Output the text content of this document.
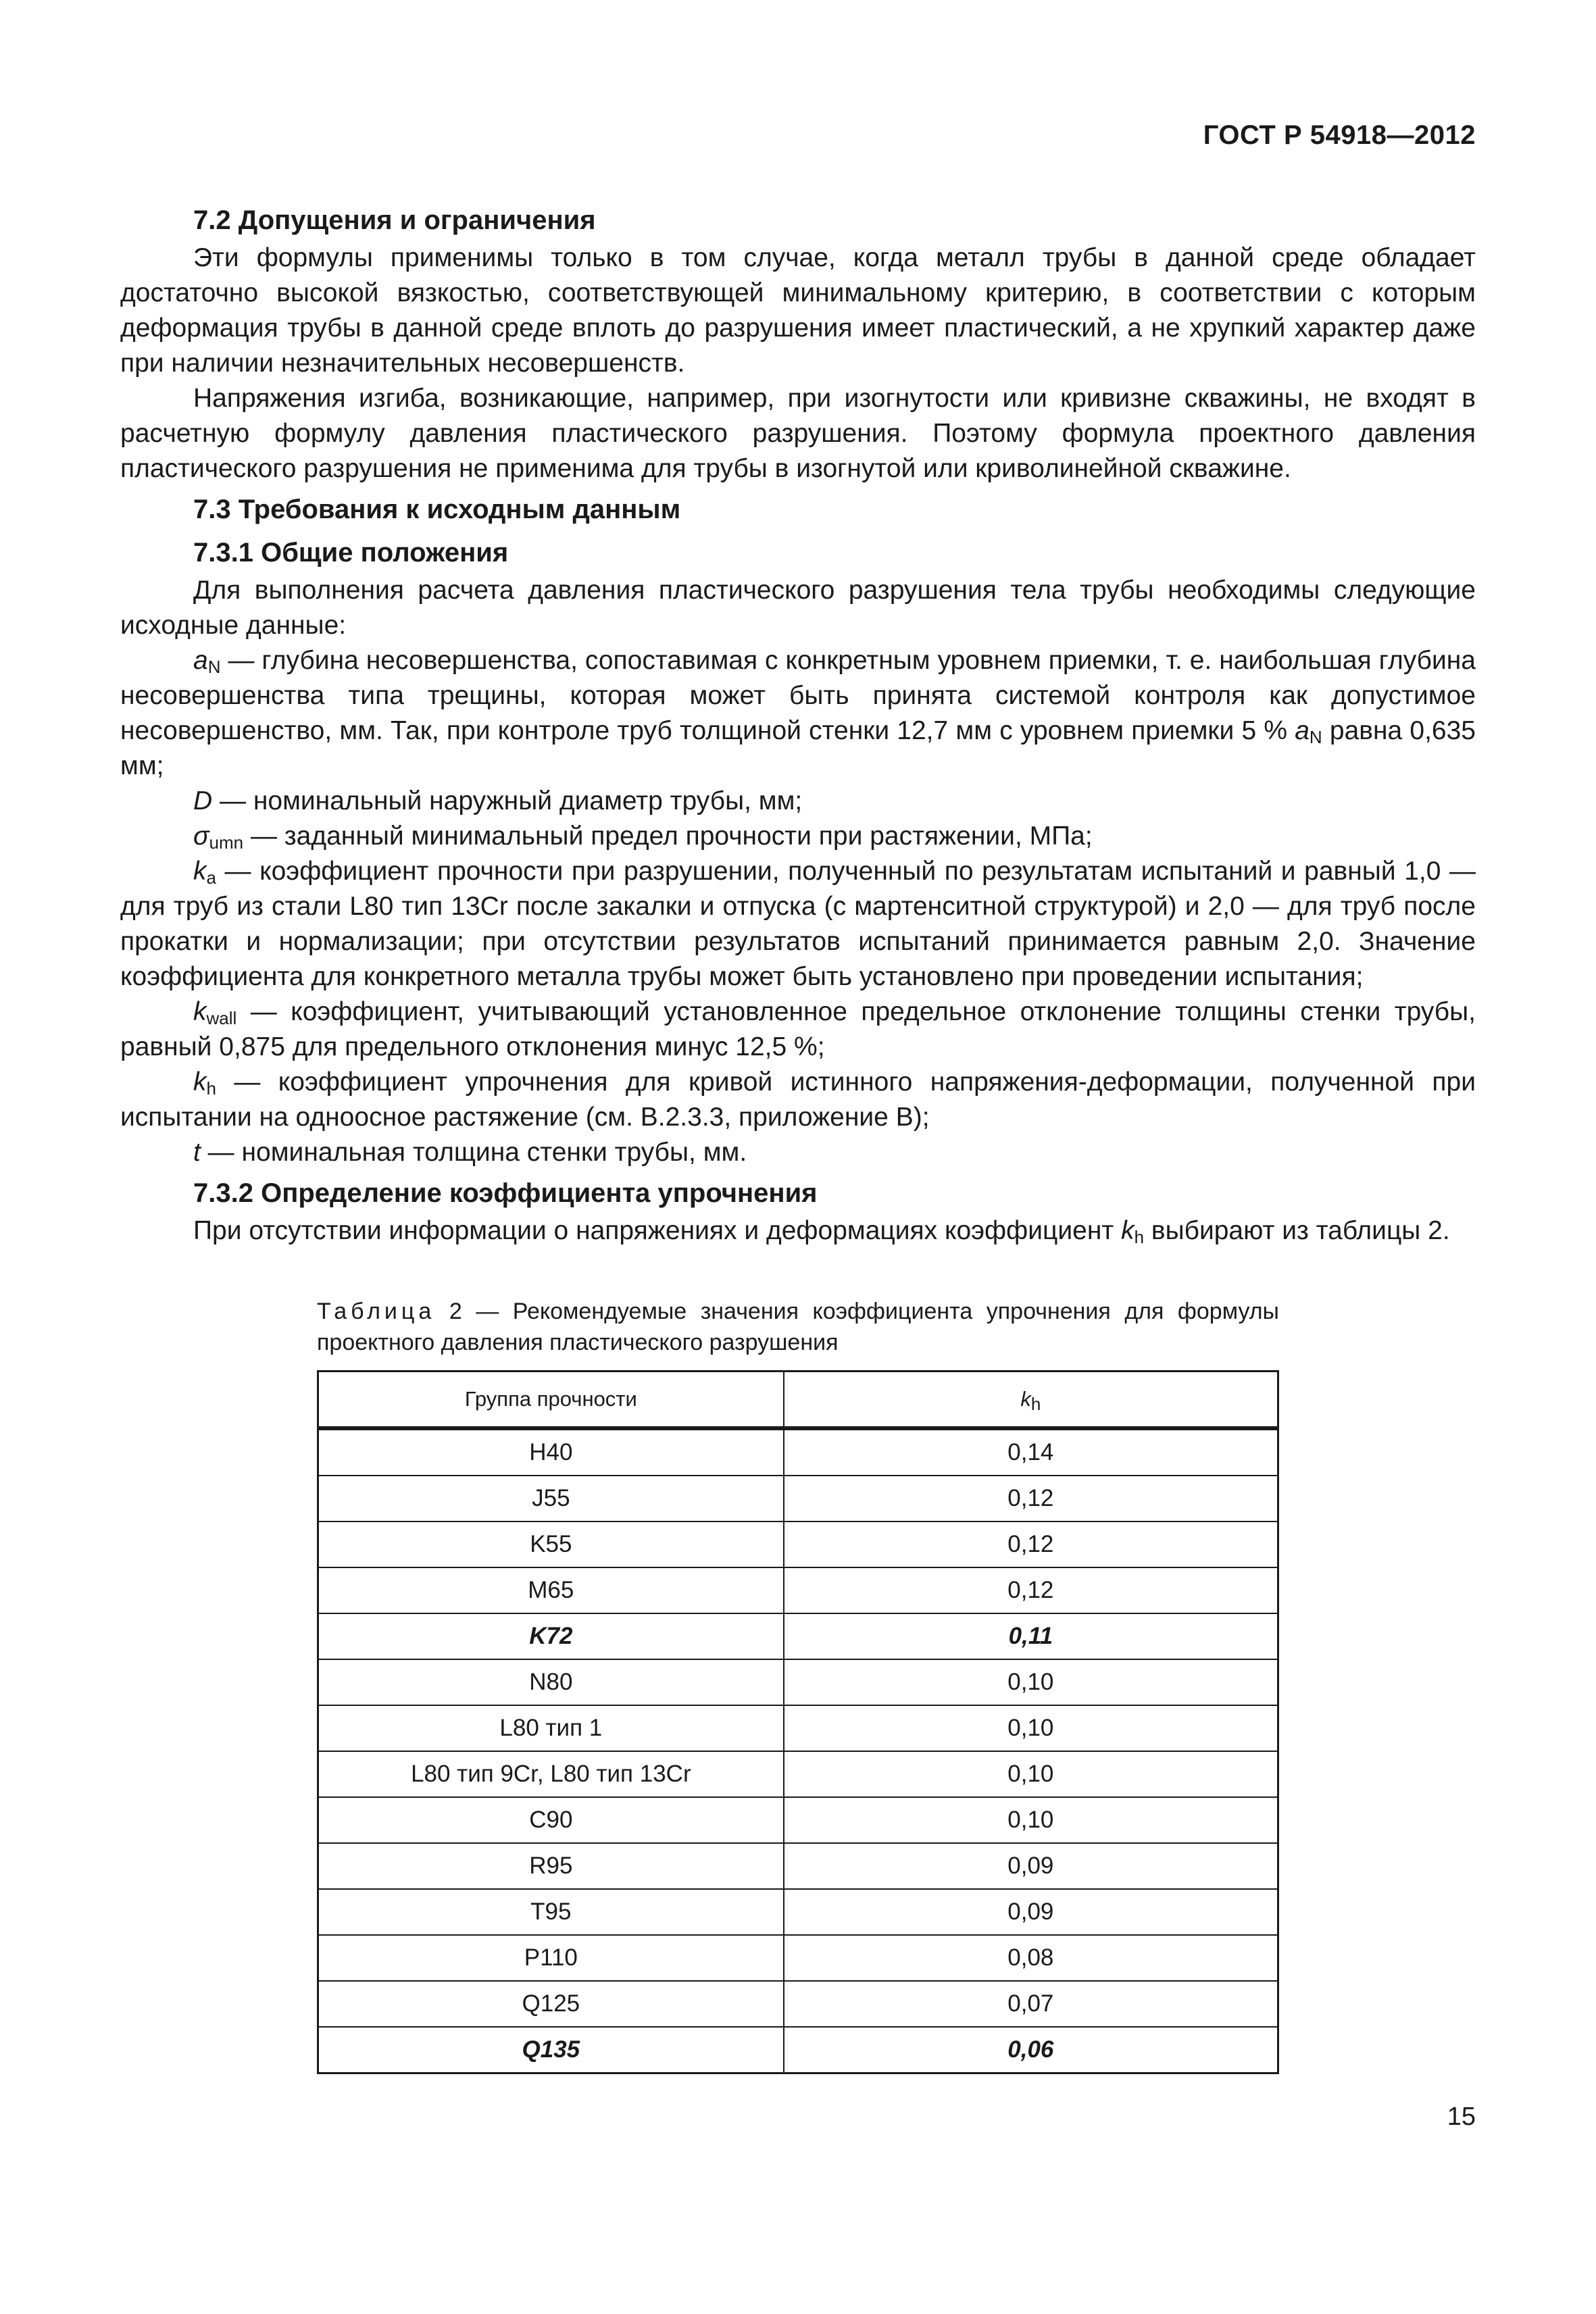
ГОСТ Р 54918—2012
7.2 Допущения и ограничения

Эти формулы применимы только в том случае, когда металл трубы в данной среде обладает достаточно высокой вязкостью, соответствующей минимальному критерию, в соответствии с которым деформация трубы в данной среде вплоть до разрушения имеет пластический, а не хрупкий характер даже при наличии незначительных несовершенств.

Напряжения изгиба, возникающие, например, при изогнутости или кривизне скважины, не входят в расчетную формулу давления пластического разрушения. Поэтому формула проектного давления пластического разрушения не применима для трубы в изогнутой или криволинейной скважине.

7.3 Требования к исходным данным
7.3.1 Общие положения

Для выполнения расчета давления пластического разрушения тела трубы необходимы следующие исходные данные:

$a_N$ — глубина несовершенства, сопоставимая с конкретным уровнем приемки, т. е. наибольшая глубина несовершенства типа трещины, которая может быть принята системой контроля как допустимое несовершенство, мм. Так, при контроле труб толщиной стенки 12,7 мм с уровнем приемки 5 % $a_N$ равна 0,635 мм;

D — номинальный наружный диаметр трубы, мм;

$\sigma_{umn}$ — заданный минимальный предел прочности при растяжении, МПа;

$k_a$ — коэффициент прочности при разрушении, полученный по результатам испытаний и равный 1,0 — для труб из стали L80 тип 13Cr после закалки и отпуска (с мартенситной структурой) и 2,0 — для труб после прокатки и нормализации; при отсутствии результатов испытаний принимается равным 2,0. Значение коэффициента для конкретного металла трубы может быть установлено при проведении испытания;

$k_{wall}$ — коэффициент, учитывающий установленное предельное отклонение толщины стенки трубы, равный 0,875 для предельного отклонения минус 12,5 %;

$k_h$ — коэффициент упрочнения для кривой истинного напряжения-деформации, полученной при испытании на одноосное растяжение (см. В.2.3.3, приложение В);

t — номинальная толщина стенки трубы, мм.

7.3.2 Определение коэффициента упрочнения

При отсутствии информации о напряжениях и деформациях коэффициент $k_h$ выбирают из таблицы 2.

Таблица 2 — Рекомендуемые значения коэффициента упрочнения для формулы проектного давления пластического разрушения
Группа прочности	$k_h$
H40	0,14
J55	0,12
K55	0,12
M65	0,12
K72	0,11
N80	0,10
L80 тип 1	0,10
L80 тип 9Cr, L80 тип 13Cr	0,10
C90	0,10
R95	0,09
T95	0,09
P110	0,08
Q125	0,07
Q135	0,06
15
